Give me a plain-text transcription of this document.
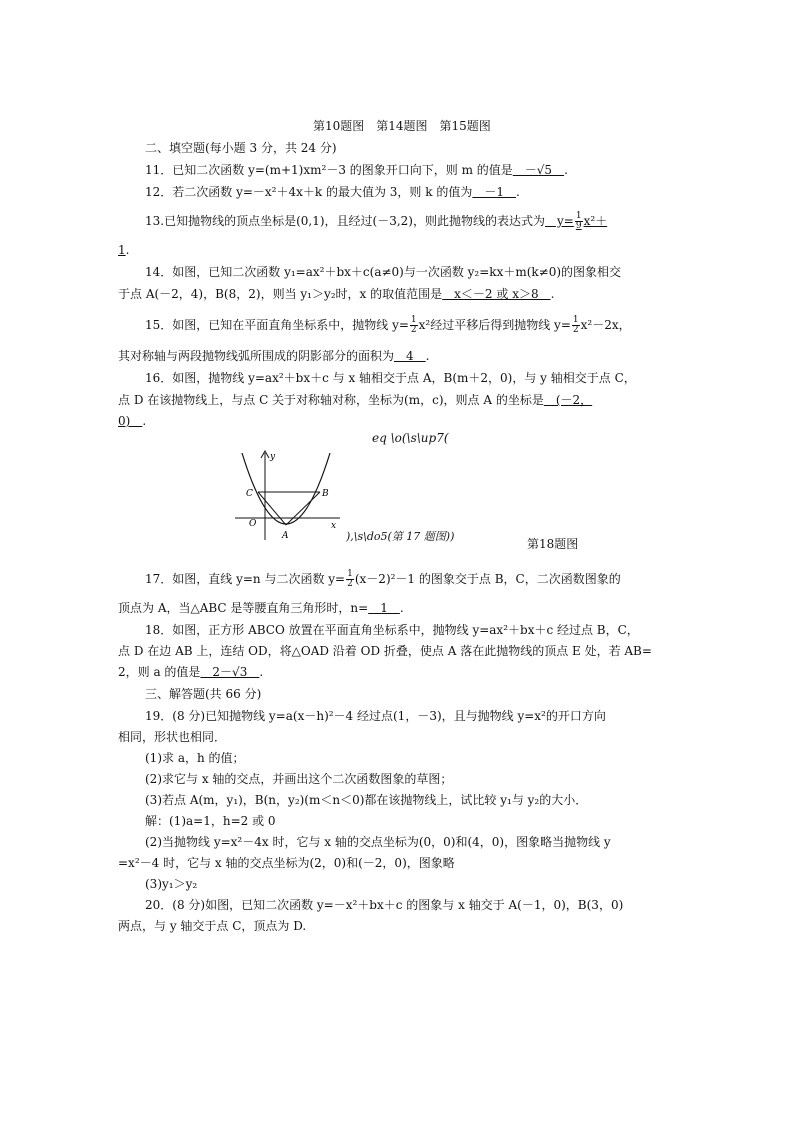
第10题图　第14题图　第15题图
二、填空题(每小题 3 分，共 24 分)
11．已知二次函数 y=(m+1)xm²－3 的图象开口向下，则 m 的值是　－√5　.
12．若二次函数 y=－x²＋4x＋k 的最大值为 3，则 k 的值为　－1　.
13.已知抛物线的顶点坐标是(0,1)，且经过(－3,2)，则此抛物线的表达式为　$y= \frac{1}{9} x^2+$
1.
14．如图，已知二次函数 y₁=ax²＋bx＋c(a≠0)与一次函数 y₂=kx＋m(k≠0)的图象相交
于点 A(－2，4)，B(8，2)，则当 y₁＞y₂时，x 的取值范围是　x＜－2 或 x＞8　.
15．如图，已知在平面直角坐标系中，抛物线 $y= \frac{1}{2} x^2$经过平移后得到抛物线 $y= \frac{1}{2} x^2-2x$，
其对称轴与两段抛物线弧所围成的阴影部分的面积为　4　.
16．如图，抛物线 y=ax²＋bx＋c 与 x 轴相交于点 A，B(m＋2，0)，与 y 轴相交于点 C，
点 D 在该抛物线上，与点 C 关于对称轴对称，坐标为(m，c)，则点 A 的坐标是　(－2，
0)　.
eq \o(\s\up7(
y
x
C	B
O
A	),\s\do5(第 17 题图))
第18题图
17．如图，直线 y=n 与二次函数 $y= \frac{1}{2} (x-2)^2-1$ 的图象交于点 B，C，二次函数图象的
顶点为 A，当△ABC 是等腰直角三角形时，n=　1　.
18．如图，正方形 ABCO 放置在平面直角坐标系中，抛物线 y=ax²＋bx＋c 经过点 B，C，
点 D 在边 AB 上，连结 OD，将△OAD 沿着 OD 折叠，使点 A 落在此抛物线的顶点 E 处，若 AB=
2，则 a 的值是　2－√3　.
三、解答题(共 66 分)
19．(8 分)已知抛物线 y=a(x－h)²－4 经过点(1，－3)，且与抛物线 y=x²的开口方向
相同，形状也相同．
(1)求 a，h 的值；
(2)求它与 x 轴的交点，并画出这个二次函数图象的草图；
(3)若点 A(m，y₁)，B(n，y₂)(m＜n＜0)都在该抛物线上，试比较 y₁与 y₂的大小．
解：(1)a=1，h=2 或 0
(2)当抛物线 y=x²－4x 时，它与 x 轴的交点坐标为(0，0)和(4，0)，图象略当抛物线 y
=x²－4 时，它与 x 轴的交点坐标为(2，0)和(－2，0)，图象略
(3)y₁＞y₂
20．(8 分)如图，已知二次函数 y=－x²＋bx＋c 的图象与 x 轴交于 A(－1，0)，B(3，0)
两点，与 y 轴交于点 C，顶点为 D.
